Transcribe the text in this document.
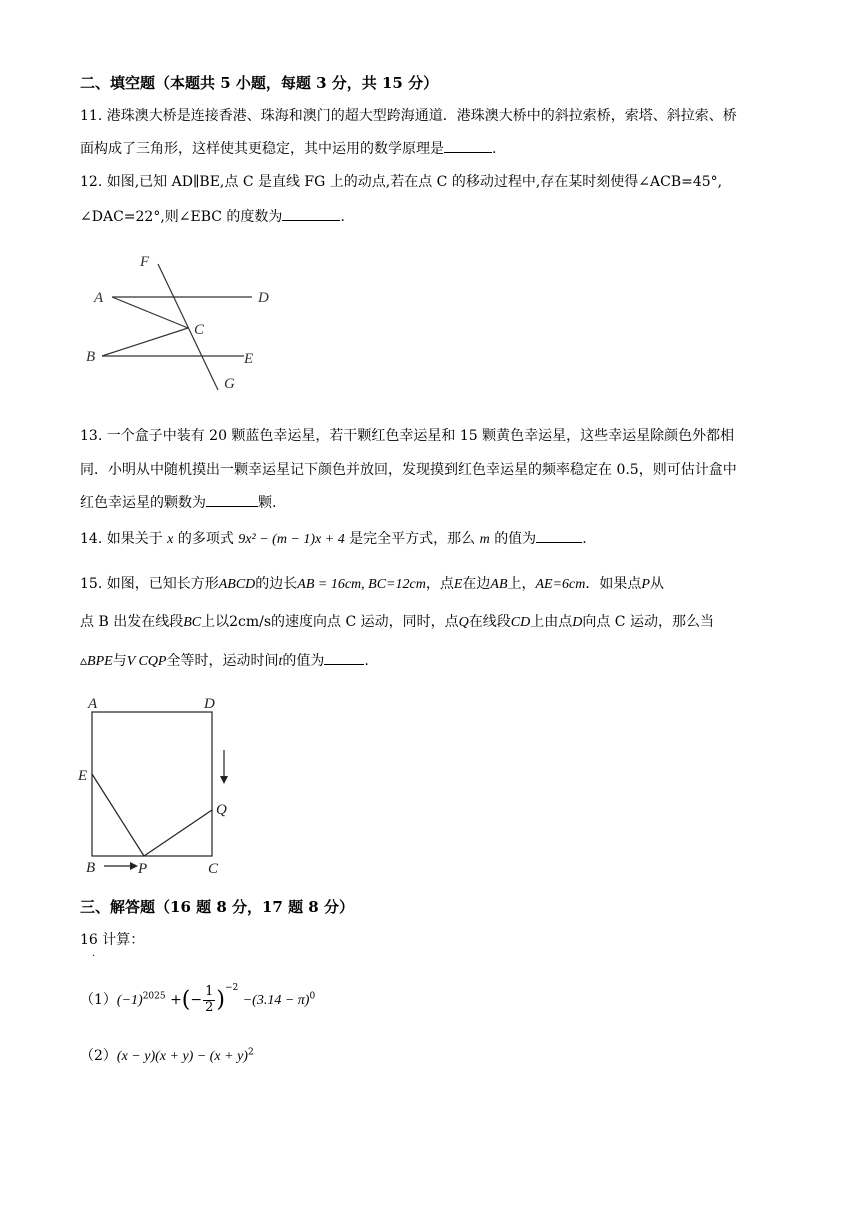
二、填空题（本题共 5 小题，每题 3 分，共 15 分）
11. 港珠澳大桥是连接香港、珠海和澳门的超大型跨海通道．港珠澳大桥中的斜拉索桥，索塔、斜拉索、桥
面构成了三角形，这样使其更稳定，其中运用的数学原理是	.
12. 如图,已知 AD∥BE,点 C 是直线 FG 上的动点,若在点 C 的移动过程中,存在某时刻使得∠ACB=45°,
∠DAC=22°,则∠EBC 的度数为	.
F
A	D
C
B	E
G
13. 一个盒子中装有 20 颗蓝色幸运星，若干颗红色幸运星和 15 颗黄色幸运星，这些幸运星除颜色外都相
同．小明从中随机摸出一颗幸运星记下颜色并放回，发现摸到红色幸运星的频率稳定在 0.5，则可估计盒中
红色幸运星的颗数为	颗.
14. 如果关于 x 的多项式 9x² − (m − 1)x + 4 是完全平方式，那么 m 的值为	.
15. 如图，已知长方形ABCD的边长AB = 16cm, BC=12cm，点E在边AB上，AE=6cm．如果点P从
点 B 出发在线段BC上以2cm/s的速度向点 C 运动，同时，点Q在线段CD上由点D向点 C 运动，那么当
▵BPE与V CQP全等时，运动时间t的值为	.
A	D
E
Q
B	P	C
三、解答题（16 题 8 分，17 题 8 分）
16 计算：
.
$(1)(-1)^{2025}$ +(− $\frac{1}{2} )^{-2} -(3.14 - \pi)^0$
$(2)(x - y)(x + y) - (x + y)^2$
